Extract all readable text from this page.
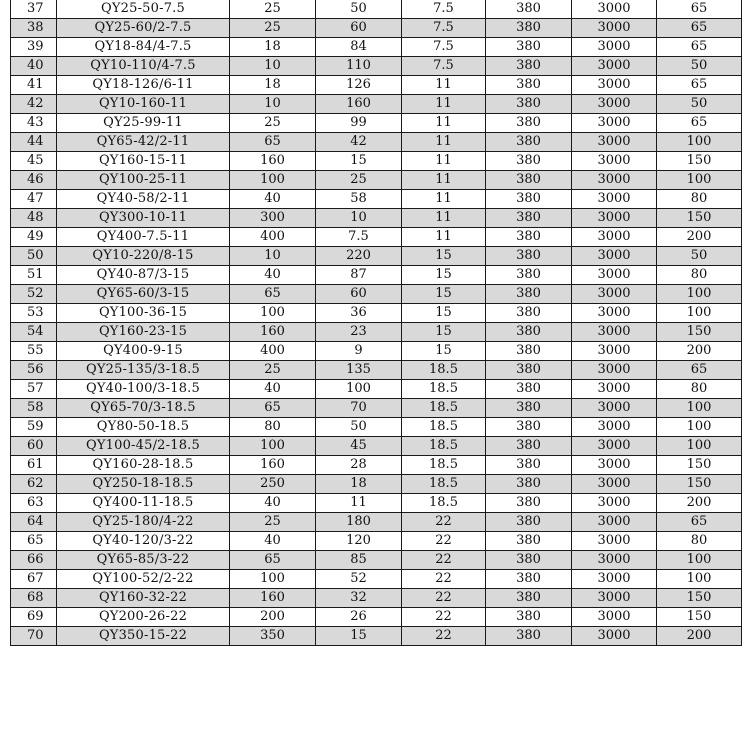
37	QY25-50-7.5	25	50	7.5	380	3000	65
38	QY25-60/2-7.5	25	60	7.5	380	3000	65
39	QY18-84/4-7.5	18	84	7.5	380	3000	65
40	QY10-110/4-7.5	10	110	7.5	380	3000	50
41	QY18-126/6-11	18	126	11	380	3000	65
42	QY10-160-11	10	160	11	380	3000	50
43	QY25-99-11	25	99	11	380	3000	65
44	QY65-42/2-11	65	42	11	380	3000	100
45	QY160-15-11	160	15	11	380	3000	150
46	QY100-25-11	100	25	11	380	3000	100
47	QY40-58/2-11	40	58	11	380	3000	80
48	QY300-10-11	300	10	11	380	3000	150
49	QY400-7.5-11	400	7.5	11	380	3000	200
50	QY10-220/8-15	10	220	15	380	3000	50
51	QY40-87/3-15	40	87	15	380	3000	80
52	QY65-60/3-15	65	60	15	380	3000	100
53	QY100-36-15	100	36	15	380	3000	100
54	QY160-23-15	160	23	15	380	3000	150
55	QY400-9-15	400	9	15	380	3000	200
56	QY25-135/3-18.5	25	135	18.5	380	3000	65
57	QY40-100/3-18.5	40	100	18.5	380	3000	80
58	QY65-70/3-18.5	65	70	18.5	380	3000	100
59	QY80-50-18.5	80	50	18.5	380	3000	100
60	QY100-45/2-18.5	100	45	18.5	380	3000	100
61	QY160-28-18.5	160	28	18.5	380	3000	150
62	QY250-18-18.5	250	18	18.5	380	3000	150
63	QY400-11-18.5	40	11	18.5	380	3000	200
64	QY25-180/4-22	25	180	22	380	3000	65
65	QY40-120/3-22	40	120	22	380	3000	80
66	QY65-85/3-22	65	85	22	380	3000	100
67	QY100-52/2-22	100	52	22	380	3000	100
68	QY160-32-22	160	32	22	380	3000	150
69	QY200-26-22	200	26	22	380	3000	150
70	QY350-15-22	350	15	22	380	3000	200
